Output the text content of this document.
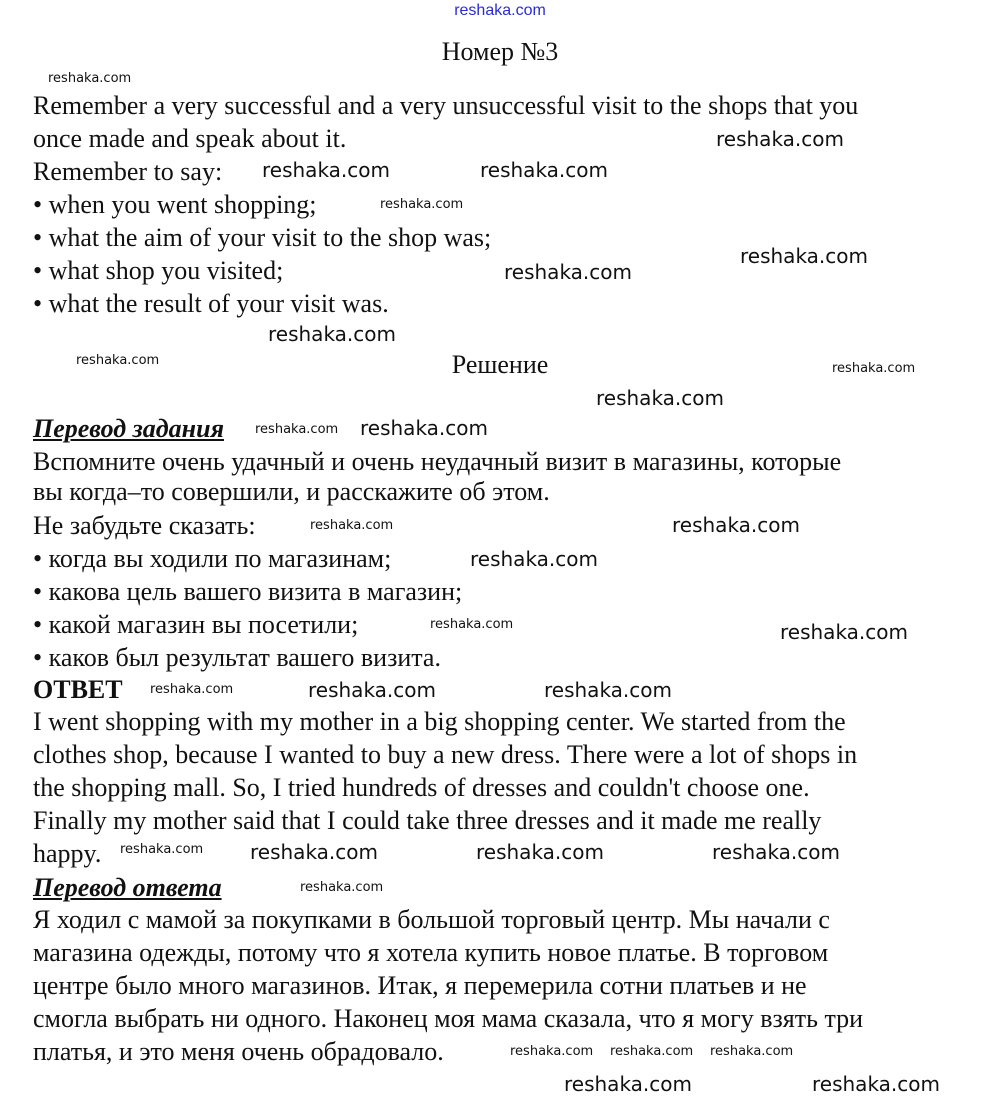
reshaka.com
Номер №3
Remember a very successful and a very unsuccessful visit to the shops that you
once made and speak about it.
Remember to say:
• when you went shopping;
• what the aim of your visit to the shop was;
• what shop you visited;
• what the result of your visit was.
Решение
Перевод задания
Вспомните очень удачный и очень неудачный визит в магазины, которые
вы когда–то совершили, и расскажите об этом.
Не забудьте сказать:
• когда вы ходили по магазинам;
• какова цель вашего визита в магазин;
• какой магазин вы посетили;
• каков был результат вашего визита.
ОТВЕТ
I went shopping with my mother in a big shopping center. We started from the
clothes shop, because I wanted to buy a new dress. There were a lot of shops in
the shopping mall. So, I tried hundreds of dresses and couldn't choose one.
Finally my mother said that I could take three dresses and it made me really
happy.
Перевод ответа
Я ходил с мамой за покупками в большой торговый центр. Мы начали с
магазина одежды, потому что я хотела купить новое платье. В торговом
центре было много магазинов. Итак, я перемерила сотни платьев и не
смогла выбрать ни одного. Наконец моя мама сказала, что я могу взять три
платья, и это меня очень обрадовало.
reshaka.com
reshaka.com
reshaka.com
reshaka.com
reshaka.com
reshaka.com
reshaka.com
reshaka.com
reshaka.com
reshaka.com
reshaka.com
reshaka.com
reshaka.com
reshaka.com
reshaka.com
reshaka.com
reshaka.com
reshaka.com
reshaka.com
reshaka.com
reshaka.com
reshaka.com reshaka.com	reshaka.com	reshaka.com
reshaka.com
reshaka.com reshaka.com reshaka.com
reshaka.com	reshaka.com
